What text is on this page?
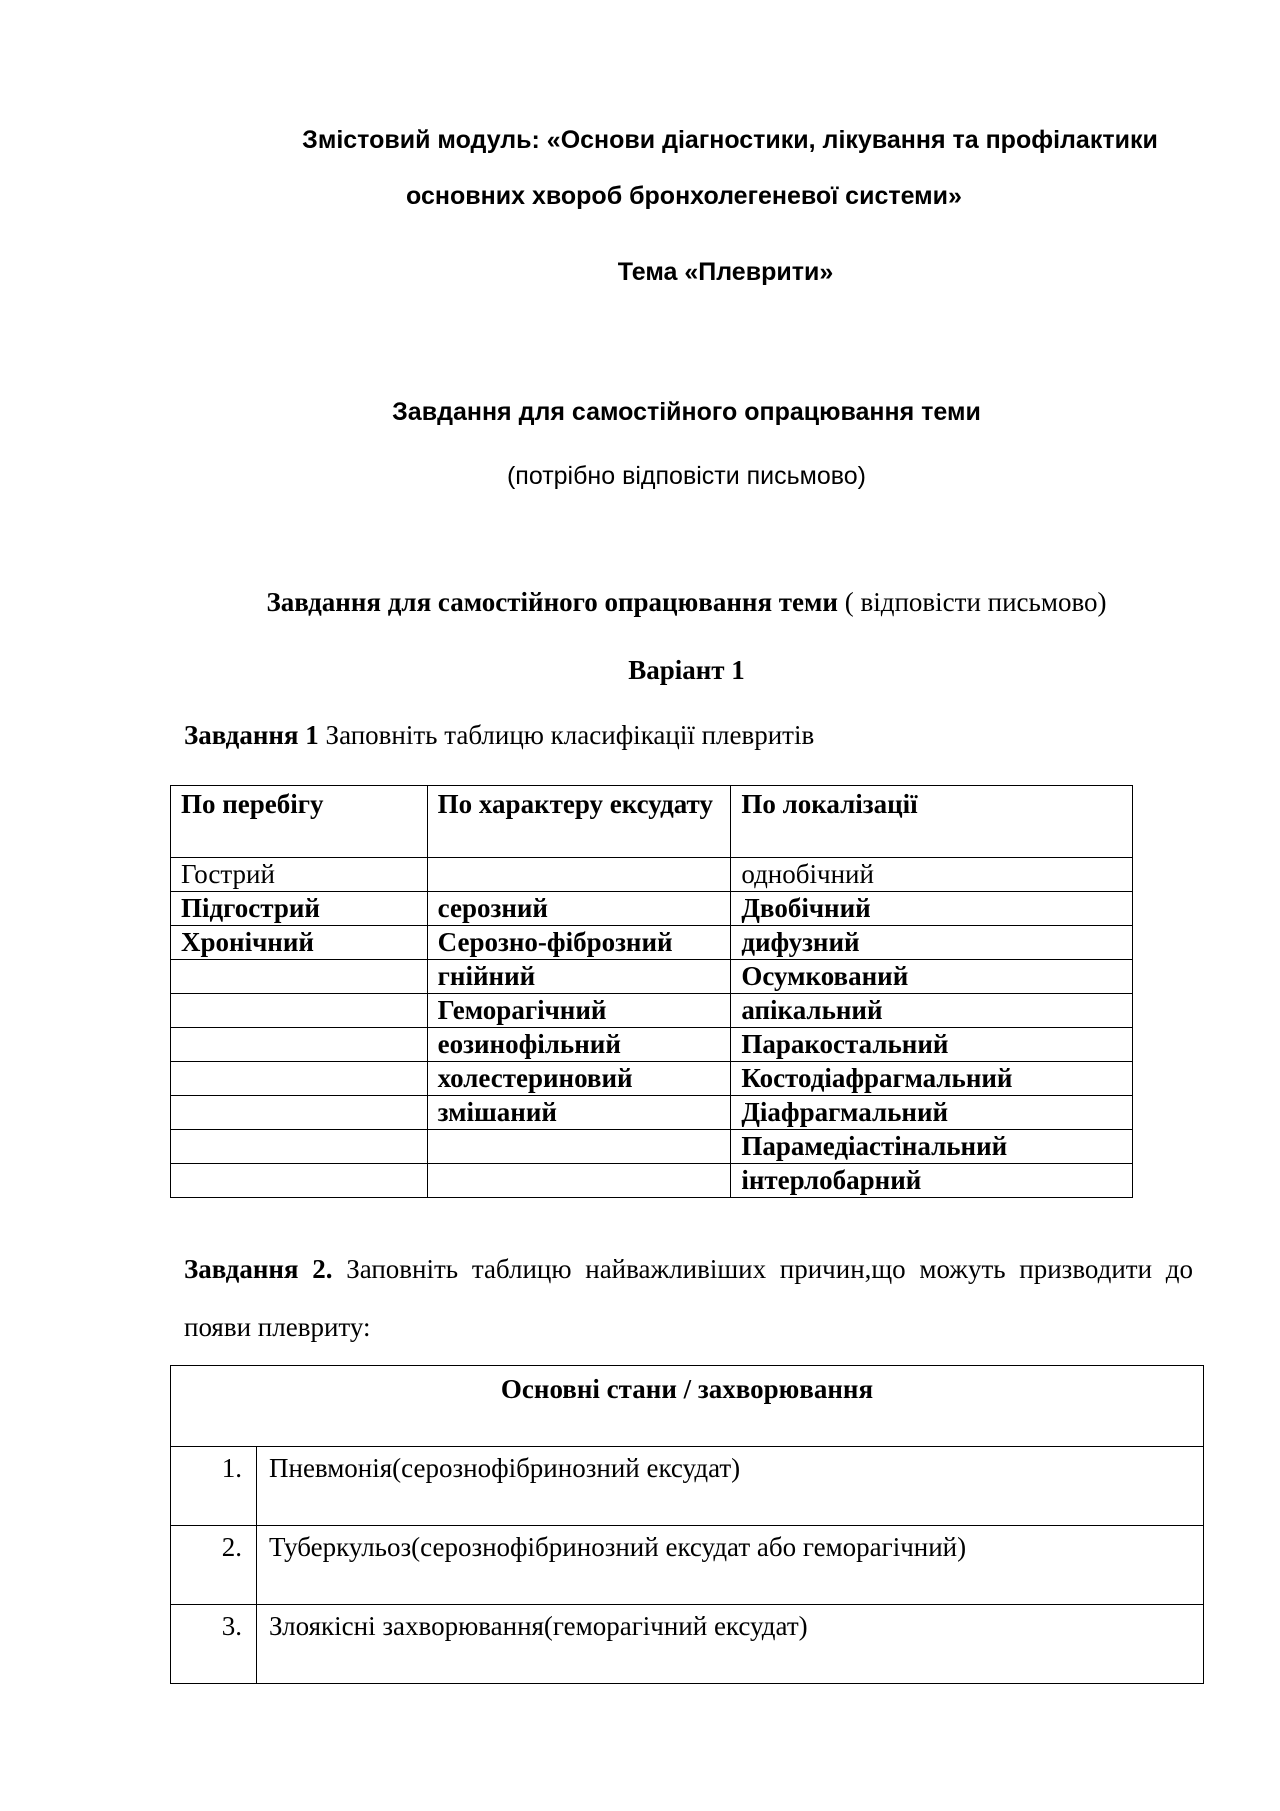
Змістовий модуль: «Основи діагностики, лікування та профілактики
основних хвороб бронхолегеневої системи»
Тема «Плеврити»
Завдання для самостійного опрацювання теми
(потрібно відповісти письмово)
Завдання для самостійного опрацювання теми ( відповісти письмово)
Варіант 1
Завдання 1 Заповніть таблицю класифікації плевритів
По перебігу	По характеру ексудату	По локалізації
Гострий		однобічний
Підгострий	серозний	Двобічний
Хронічний	Серозно-фіброзний	дифузний
	гнійний	Осумкований
	Геморагічний	апікальний
	еозинофільний	Паракостальний
	холестериновий	Костодіафрагмальний
	змішаний	Діафрагмальний
		Парамедіастінальний
		інтерлобарний
Завдання 2. Заповніть таблицю найважливіших причин,що можуть призводити до появи плевриту:
Основні стани / захворювання	
1.	Пневмонія(серознофібринозний ексудат)
2.	Туберкульоз(серознофібринозний ексудат або геморагічний)
3.	Злоякісні захворювання(геморагічний ексудат)
